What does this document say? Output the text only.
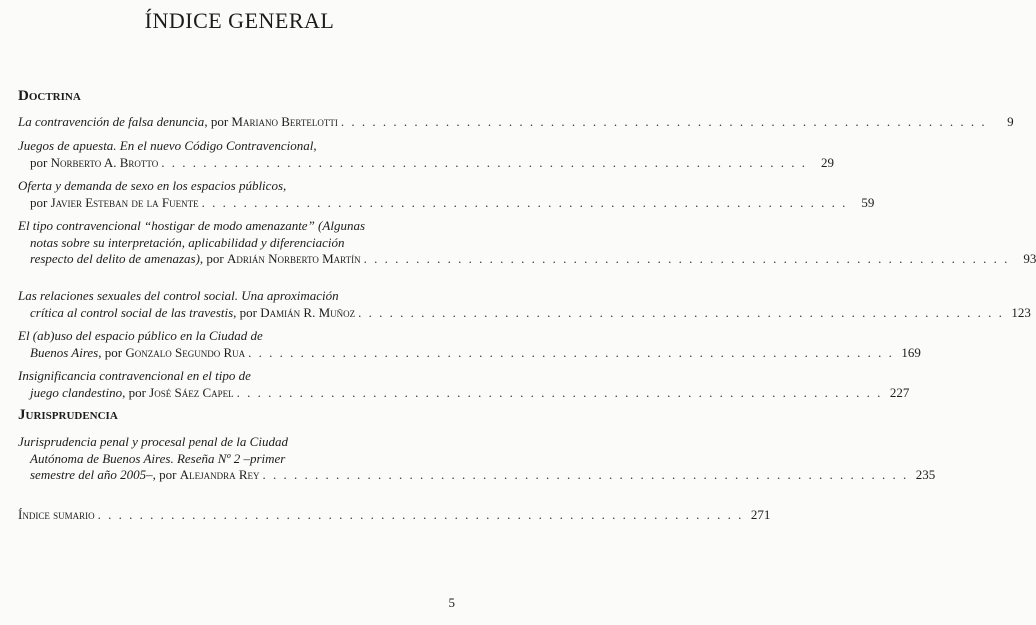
ÍNDICE GENERAL
Doctrina
La contravención de falsa denuncia, por Mariano Bertelotti . . . . . . . . . . . . . . . . . . . . . . . . . . . . . . . . . . . . . . . . . . . . . . . . . . . . . . . . . . . . . .	9
Juegos de apuesta. En el nuevo Código Contravencional,
por Norberto A. Brotto . . . . . . . . . . . . . . . . . . . . . . . . . . . . . . . . . . . . . . . . . . . . . . . . . . . . . . . . . . . . . .	29
Oferta y demanda de sexo en los espacios públicos,
por Javier Esteban de la Fuente . . . . . . . . . . . . . . . . . . . . . . . . . . . . . . . . . . . . . . . . . . . . . . . . . . . . . . . . . . . . . .	59
El tipo contravencional “hostigar de modo amenazante” (Algunas
notas sobre su interpretación, aplicabilidad y diferenciación
respecto del delito de amenazas), por Adrián Norberto Martín . . . . . . . . . . . . . . . . . . . . . . . . . . . . . . . . . . . . . . . . . . . . . . . . . . . . . . . . . . . . . .	93
Las relaciones sexuales del control social. Una aproximación
crítica al control social de las travestis, por Damián R. Muñoz . . . . . . . . . . . . . . . . . . . . . . . . . . . . . . . . . . . . . . . . . . . . . . . . . . . . . . . . . . . . . . 123
El (ab)uso del espacio público en la Ciudad de
Buenos Aires, por Gonzalo Segundo Rua . . . . . . . . . . . . . . . . . . . . . . . . . . . . . . . . . . . . . . . . . . . . . . . . . . . . . . . . . . . . . . 169
Insignificancia contravencional en el tipo de
juego clandestino, por José Sáez Capel . . . . . . . . . . . . . . . . . . . . . . . . . . . . . . . . . . . . . . . . . . . . . . . . . . . . . . . . . . . . . . 227
Jurisprudencia
Jurisprudencia penal y procesal penal de la Ciudad
Autónoma de Buenos Aires. Reseña Nº 2 –primer
semestre del año 2005–, por Alejandra Rey . . . . . . . . . . . . . . . . . . . . . . . . . . . . . . . . . . . . . . . . . . . . . . . . . . . . . . . . . . . . . . 235
Índice sumario . . . . . . . . . . . . . . . . . . . . . . . . . . . . . . . . . . . . . . . . . . . . . . . . . . . . . . . . . . . . . . 271
5
